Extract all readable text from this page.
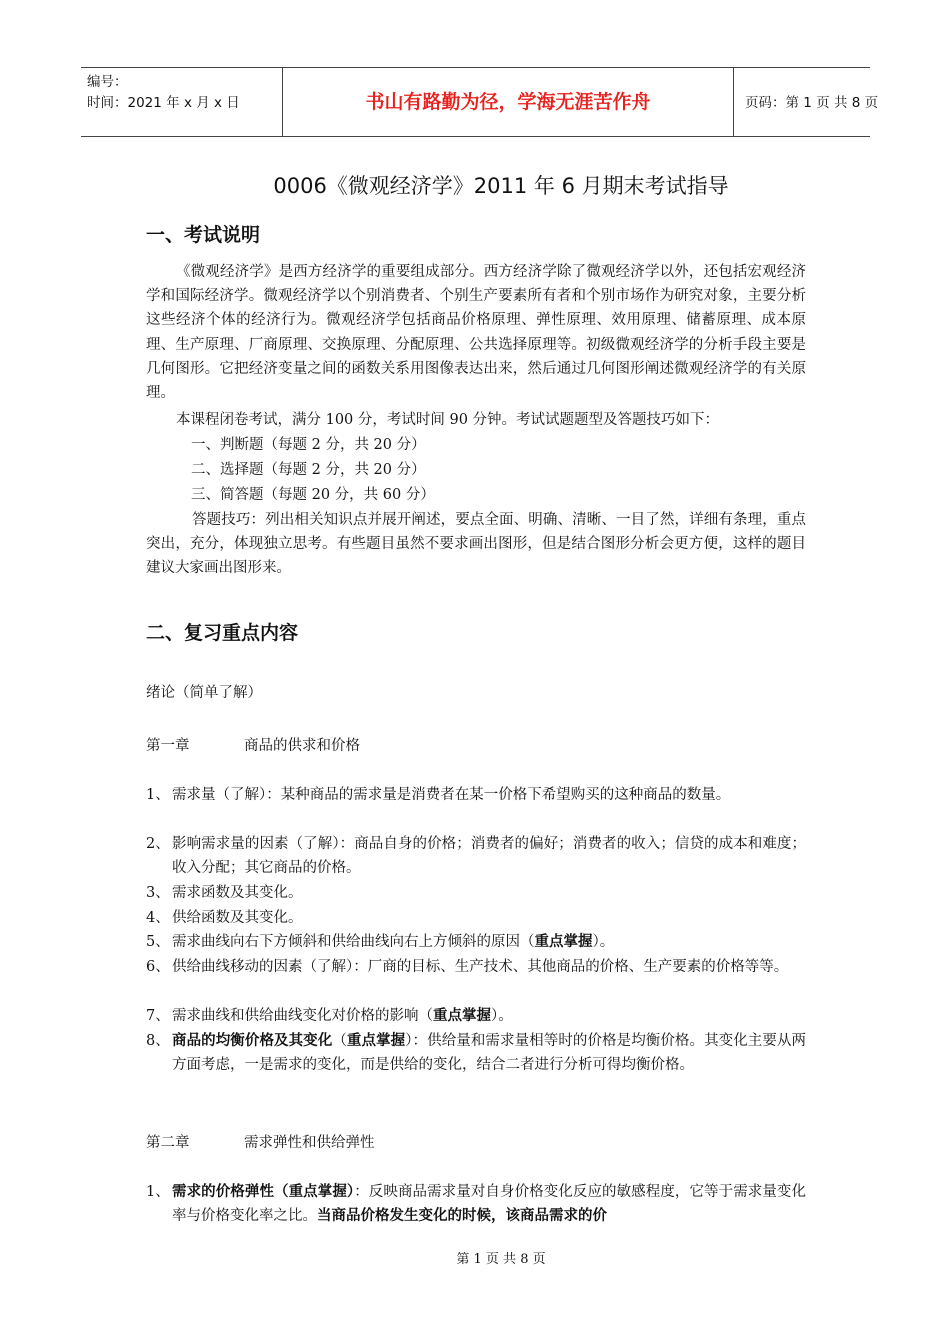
编号：
时间：2021 年 x 月 x 日	书山有路勤为径，学海无涯苦作舟	页码：第 1 页 共 8 页
0006《微观经济学》2011 年 6 月期末考试指导
一、考试说明
《微观经济学》是西方经济学的重要组成部分。西方经济学除了微观经济学以外，还包括宏观经济学和国际经济学。微观经济学以个别消费者、个别生产要素所有者和个别市场作为研究对象，主要分析这些经济个体的经济行为。微观经济学包括商品价格原理、弹性原理、效用原理、储蓄原理、成本原理、生产原理、厂商原理、交换原理、分配原理、公共选择原理等。初级微观经济学的分析手段主要是几何图形。它把经济变量之间的函数关系用图像表达出来，然后通过几何图形阐述微观经济学的有关原理。
本课程闭卷考试，满分 100 分，考试时间 90 分钟。考试试题题型及答题技巧如下：
一、判断题（每题 2 分，共 20 分）
二、选择题（每题 2 分，共 20 分）
三、简答题（每题 20 分，共 60 分）
答题技巧：列出相关知识点并展开阐述，要点全面、明确、清晰、一目了然，详细有条理，重点突出，充分，体现独立思考。有些题目虽然不要求画出图形，但是结合图形分析会更方便，这样的题目建议大家画出图形来。
二、复习重点内容
绪论（简单了解）
第一章	商品的供求和价格
1、 需求量（了解）：某种商品的需求量是消费者在某一价格下希望购买的这种商品的数量。
2、 影响需求量的因素（了解）：商品自身的价格；消费者的偏好；消费者的收入；信贷的成本和难度；收入分配；其它商品的价格。
3、 需求函数及其变化。
4、 供给函数及其变化。
5、 需求曲线向右下方倾斜和供给曲线向右上方倾斜的原因（重点掌握）。
6、 供给曲线移动的因素（了解）：厂商的目标、生产技术、其他商品的价格、生产要素的价格等等。
7、 需求曲线和供给曲线变化对价格的影响（重点掌握）。
8、 商品的均衡价格及其变化（重点掌握）：供给量和需求量相等时的价格是均衡价格。其变化主要从两方面考虑，一是需求的变化，而是供给的变化，结合二者进行分析可得均衡价格。
第二章	需求弹性和供给弹性
1、 需求的价格弹性（重点掌握）：反映商品需求量对自身价格变化反应的敏感程度，它等于需求量变化率与价格变化率之比。当商品价格发生变化的时候，该商品需求的价
第 1 页 共 8 页
